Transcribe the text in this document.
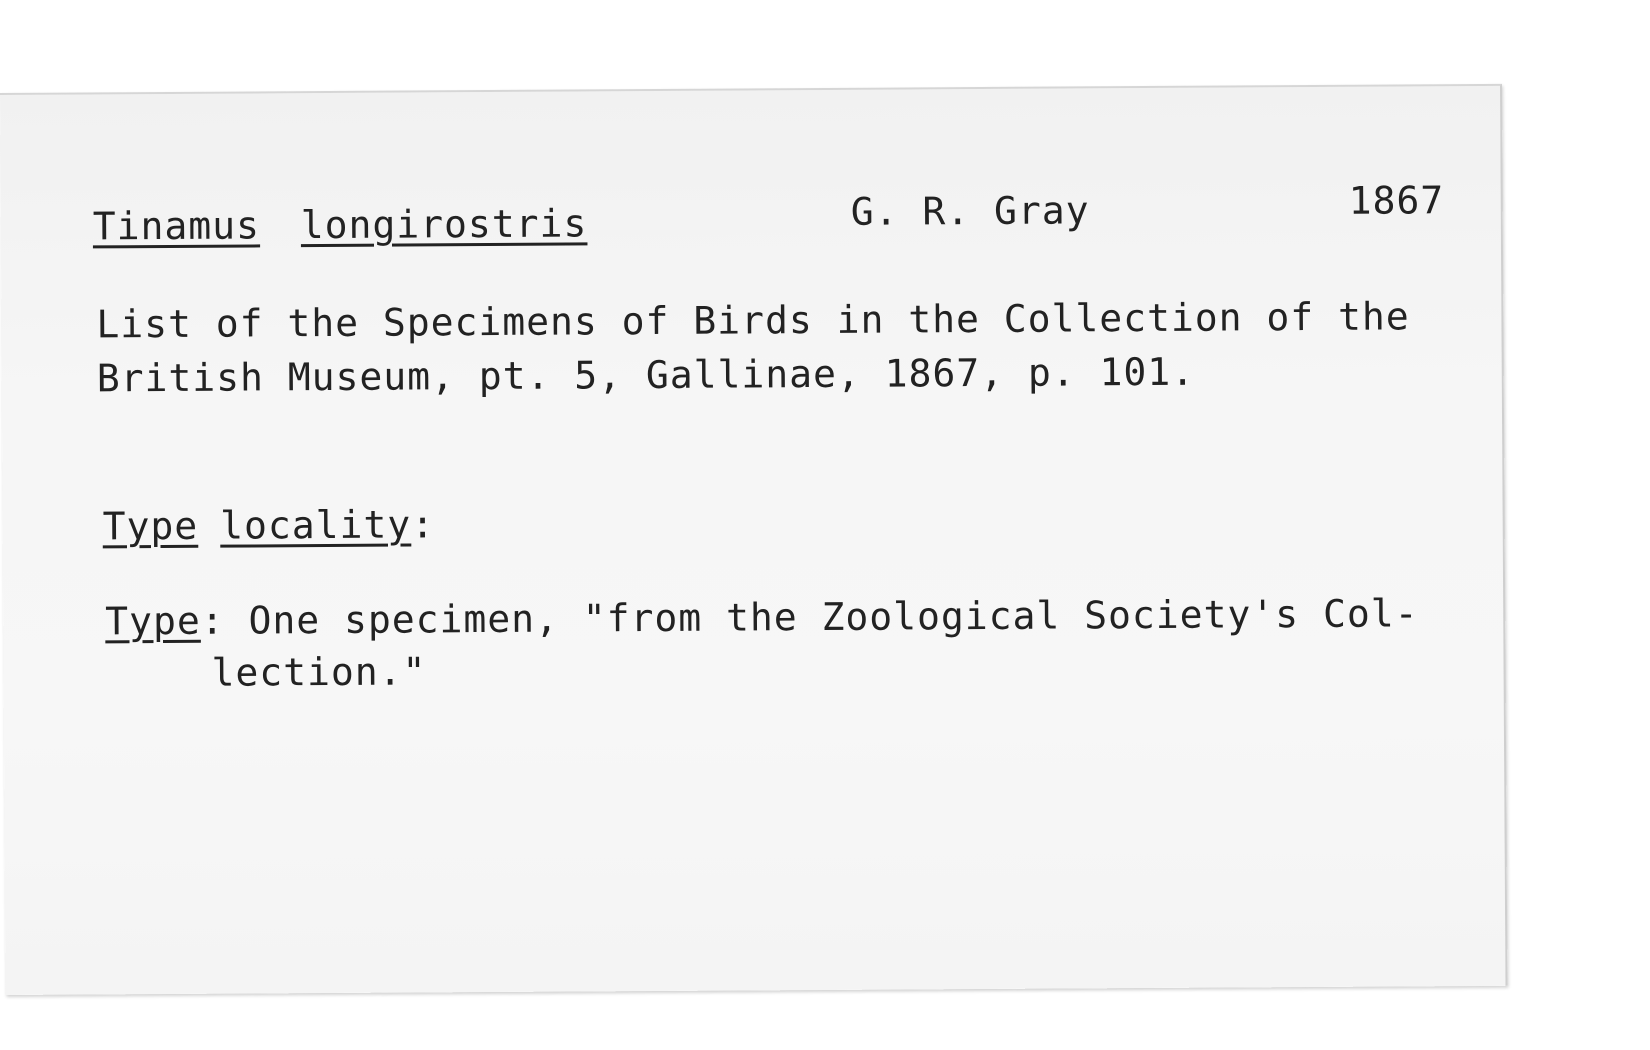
Tinamus longirostris	G. R. Gray	1867
List of the Specimens of Birds in the Collection of the
British Museum, pt. 5, Gallinae, 1867, p. 101.
Type locality:
Type: One specimen, "from the Zoological Society's Col-
lection."
